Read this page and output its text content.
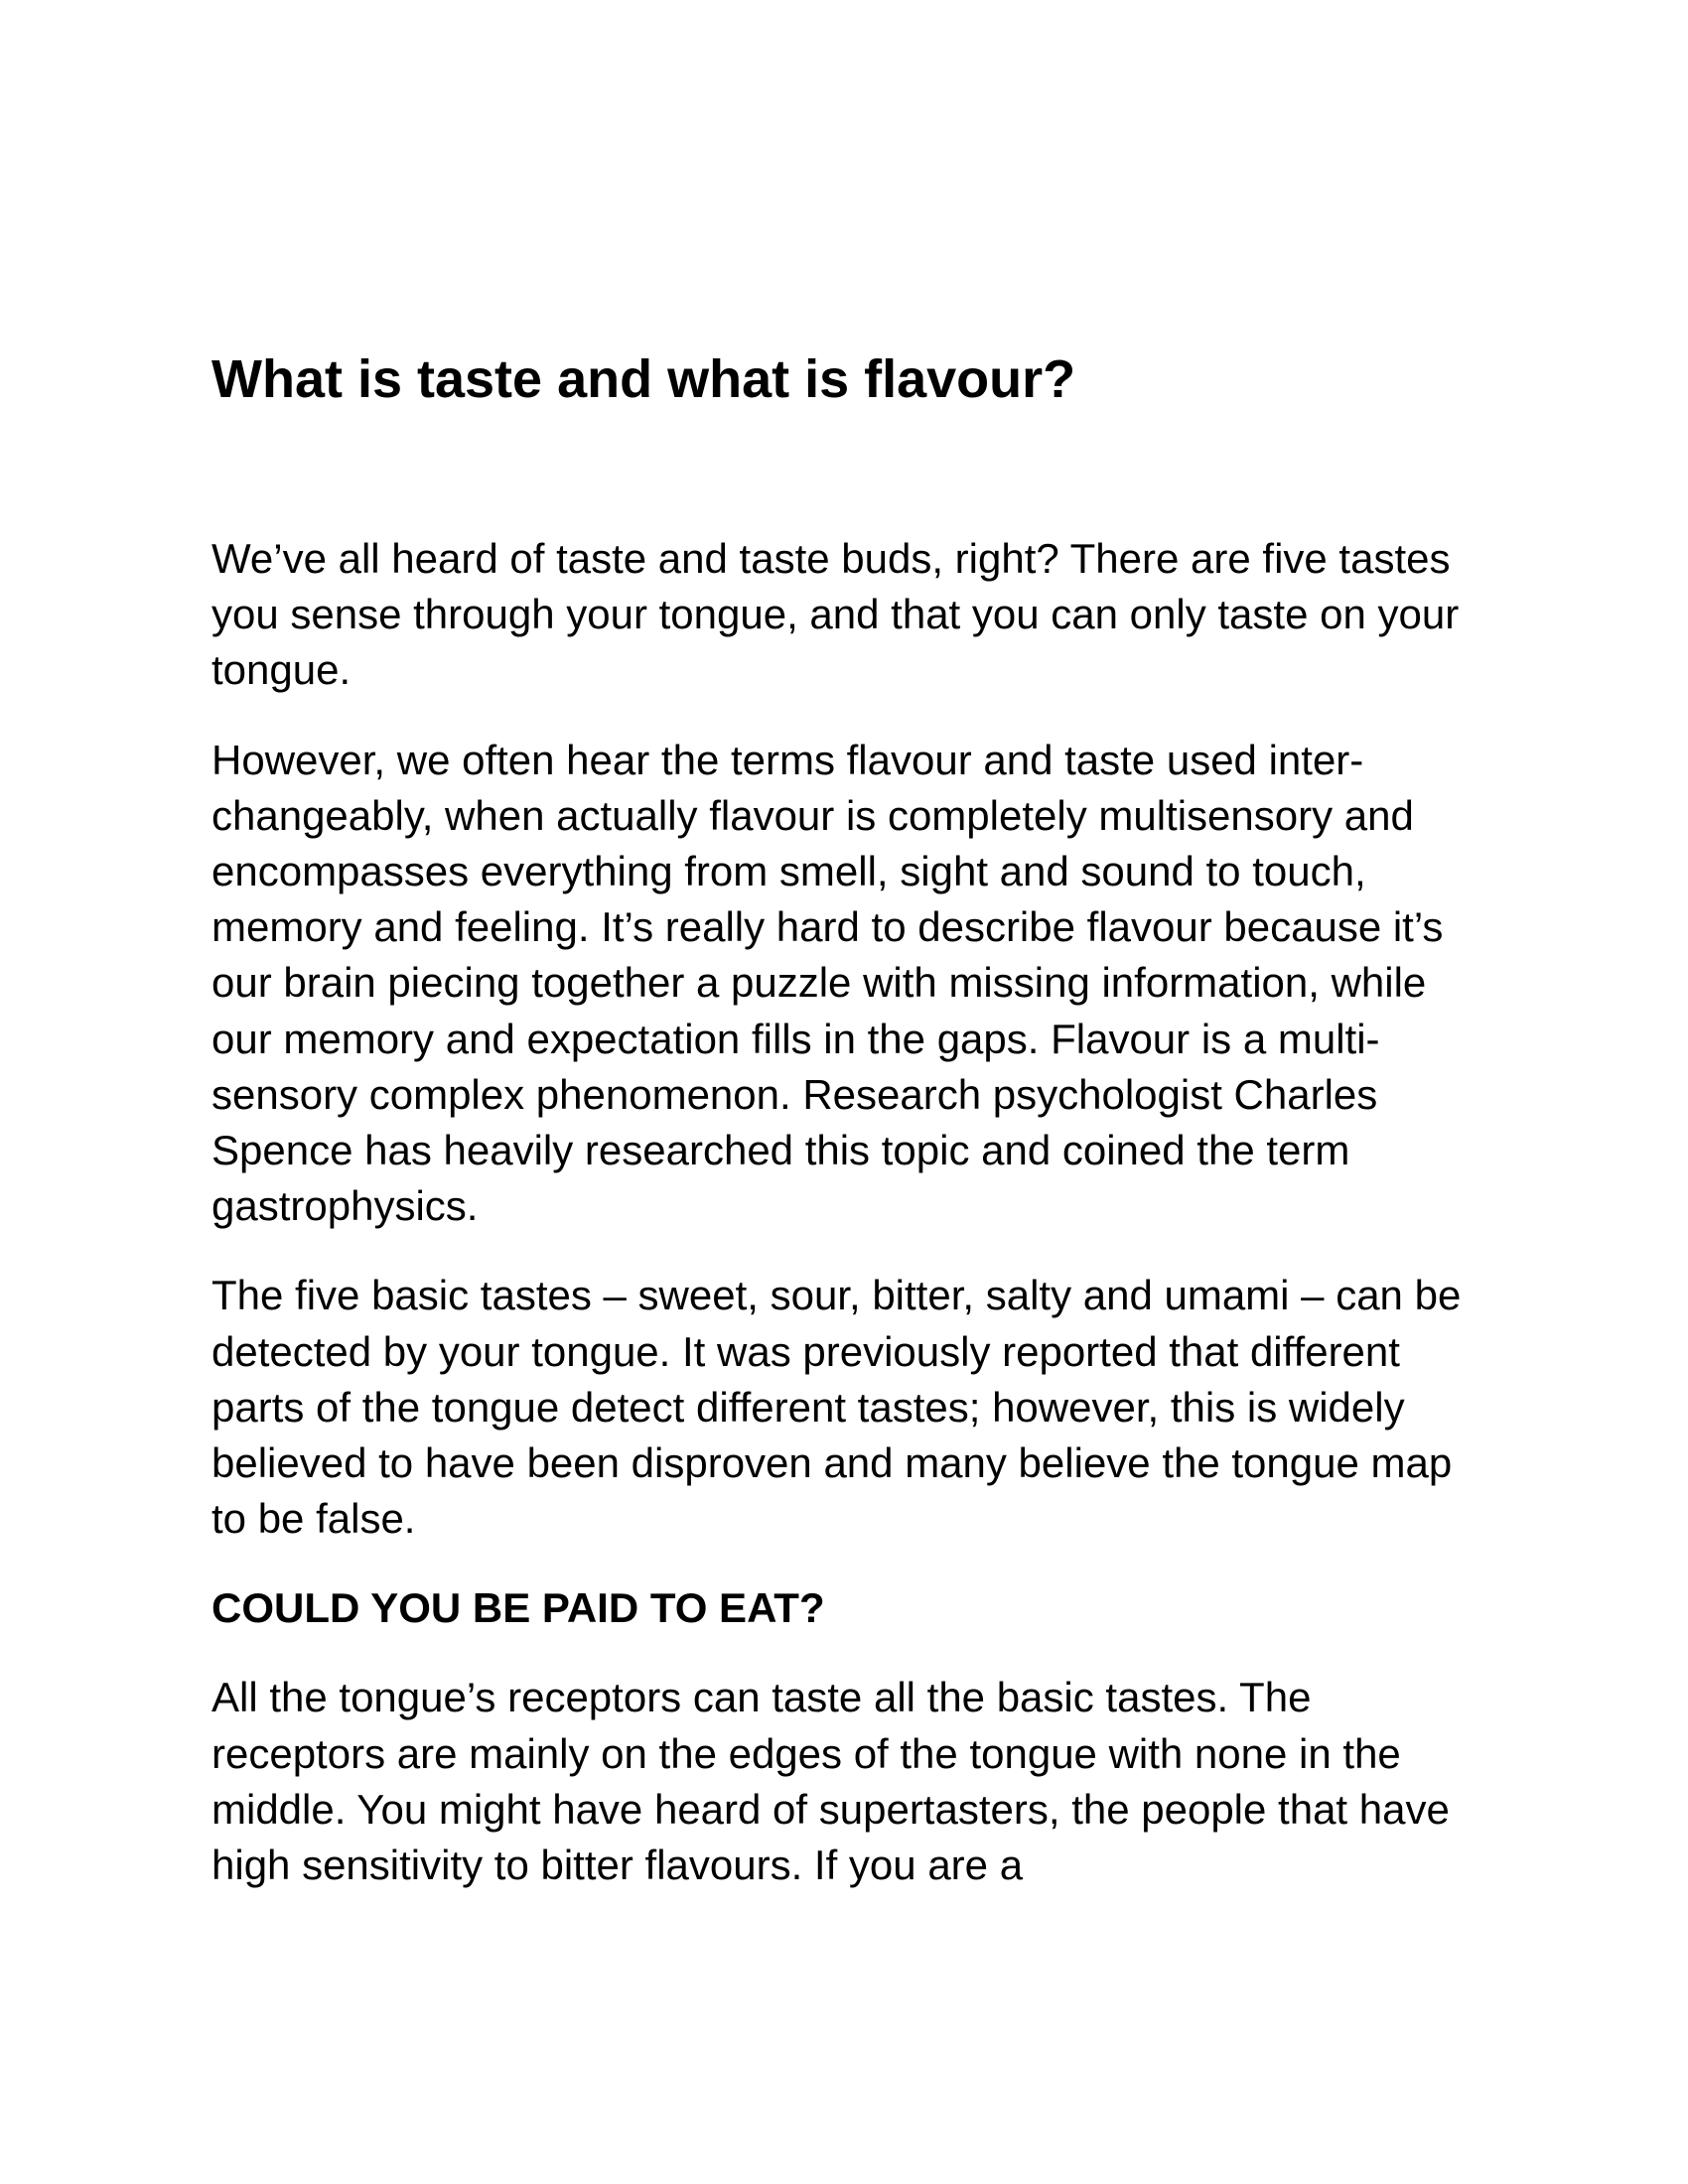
What is taste and what is flavour?

We’ve all heard of taste and taste buds, right? There are five tastes you sense through your tongue, and that you can only taste on your tongue.

However, we often hear the terms flavour and taste used inter-changeably, when actually flavour is completely multisensory and encompasses everything from smell, sight and sound to touch, memory and feeling. It’s really hard to describe flavour because it’s our brain piecing together a puzzle with missing information, while our memory and expectation fills in the gaps. Flavour is a multi-sensory complex phenomenon. Research psychologist Charles Spence has heavily researched this topic and coined the term gastrophysics.

The five basic tastes – sweet, sour, bitter, salty and umami – can be detected by your tongue. It was previously reported that different parts of the tongue detect different tastes; however, this is widely believed to have been disproven and many believe the tongue map to be false.

COULD YOU BE PAID TO EAT?

All the tongue’s receptors can taste all the basic tastes. The receptors are mainly on the edges of the tongue with none in the middle. You might have heard of supertasters, the people that have high sensitivity to bitter flavours. If you are a
